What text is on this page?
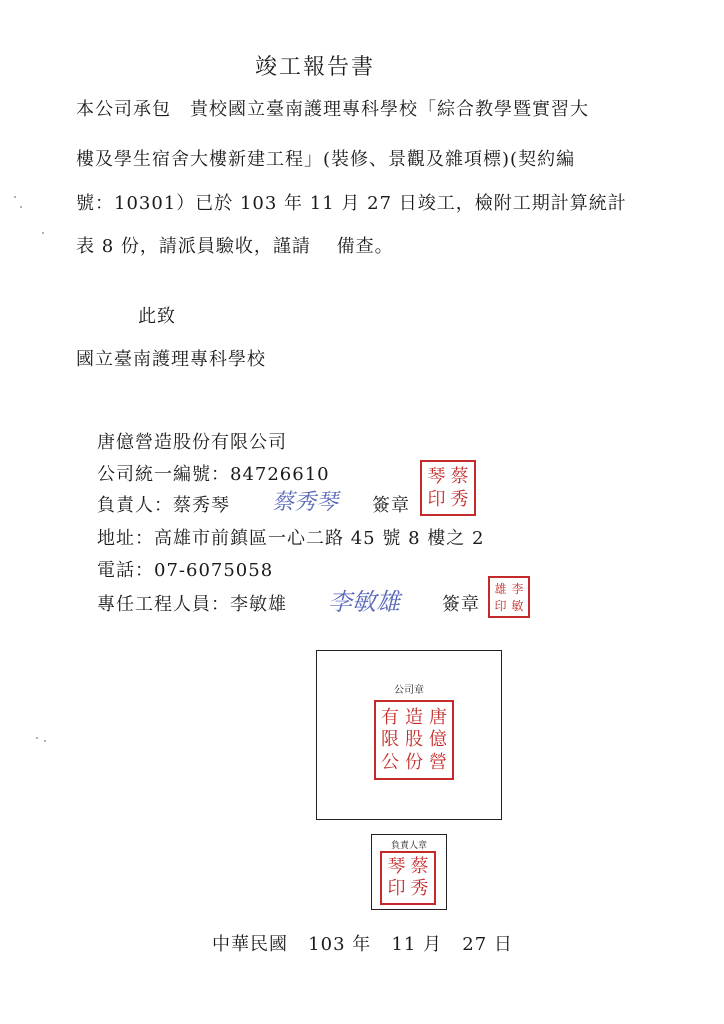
竣工報告書

本公司承包　貴校國立臺南護理專科學校「綜合教學暨實習大

樓及學生宿舍大樓新建工程」(裝修、景觀及雜項標)(契約編

號：10301）已於 103 年 11 月 27 日竣工，檢附工期計算統計

表 8 份，請派員驗收，謹請　 備查。

此致

國立臺南護理專科學校

唐億營造股份有限公司

公司統一編號：84726610

負責人：蔡秀琴 蔡秀琴 簽章
琴 蔡
印 秀

地址：高雄市前鎮區一心二路 45 號 8 樓之 2

電話：07-6075058

專任工程人員：李敏雄 李敏雄 簽章
雄 李
印 敏
公司章
有 造 唐
限 股 億
公 份 營
負責人章
琴 蔡
印 秀

中華民國 103 年 11 月 27 日
